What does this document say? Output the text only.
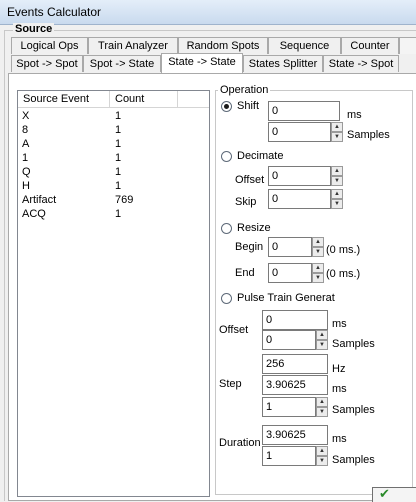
Events Calculator
Source
Logical Ops	Train Analyzer	Random Spots	Sequence	Counter
Spot -> Spot	Spot -> State	State -> State	States Splitter	State -> Spot
Source Event	Count
X	1
8	1
A	1
1	1
Q	1
H	1
Artifact	769
ACQ	1
Operation
Shift	0	ms
0	▲
▼ Samples
Decimate
Offset 0	▲
▼
Skip	0	▲
▼
Resize
Begin 0	▲
▼ (0 ms.)
End	0	▲
▼ (0 ms.)
Pulse Train Generat
Offset
0	ms
0	▲
▼ Samples
Step
256	Hz
3.90625	ms
1	▲
▼ Samples
Duration
3.90625	ms
1	▲
▼ Samples
✔
